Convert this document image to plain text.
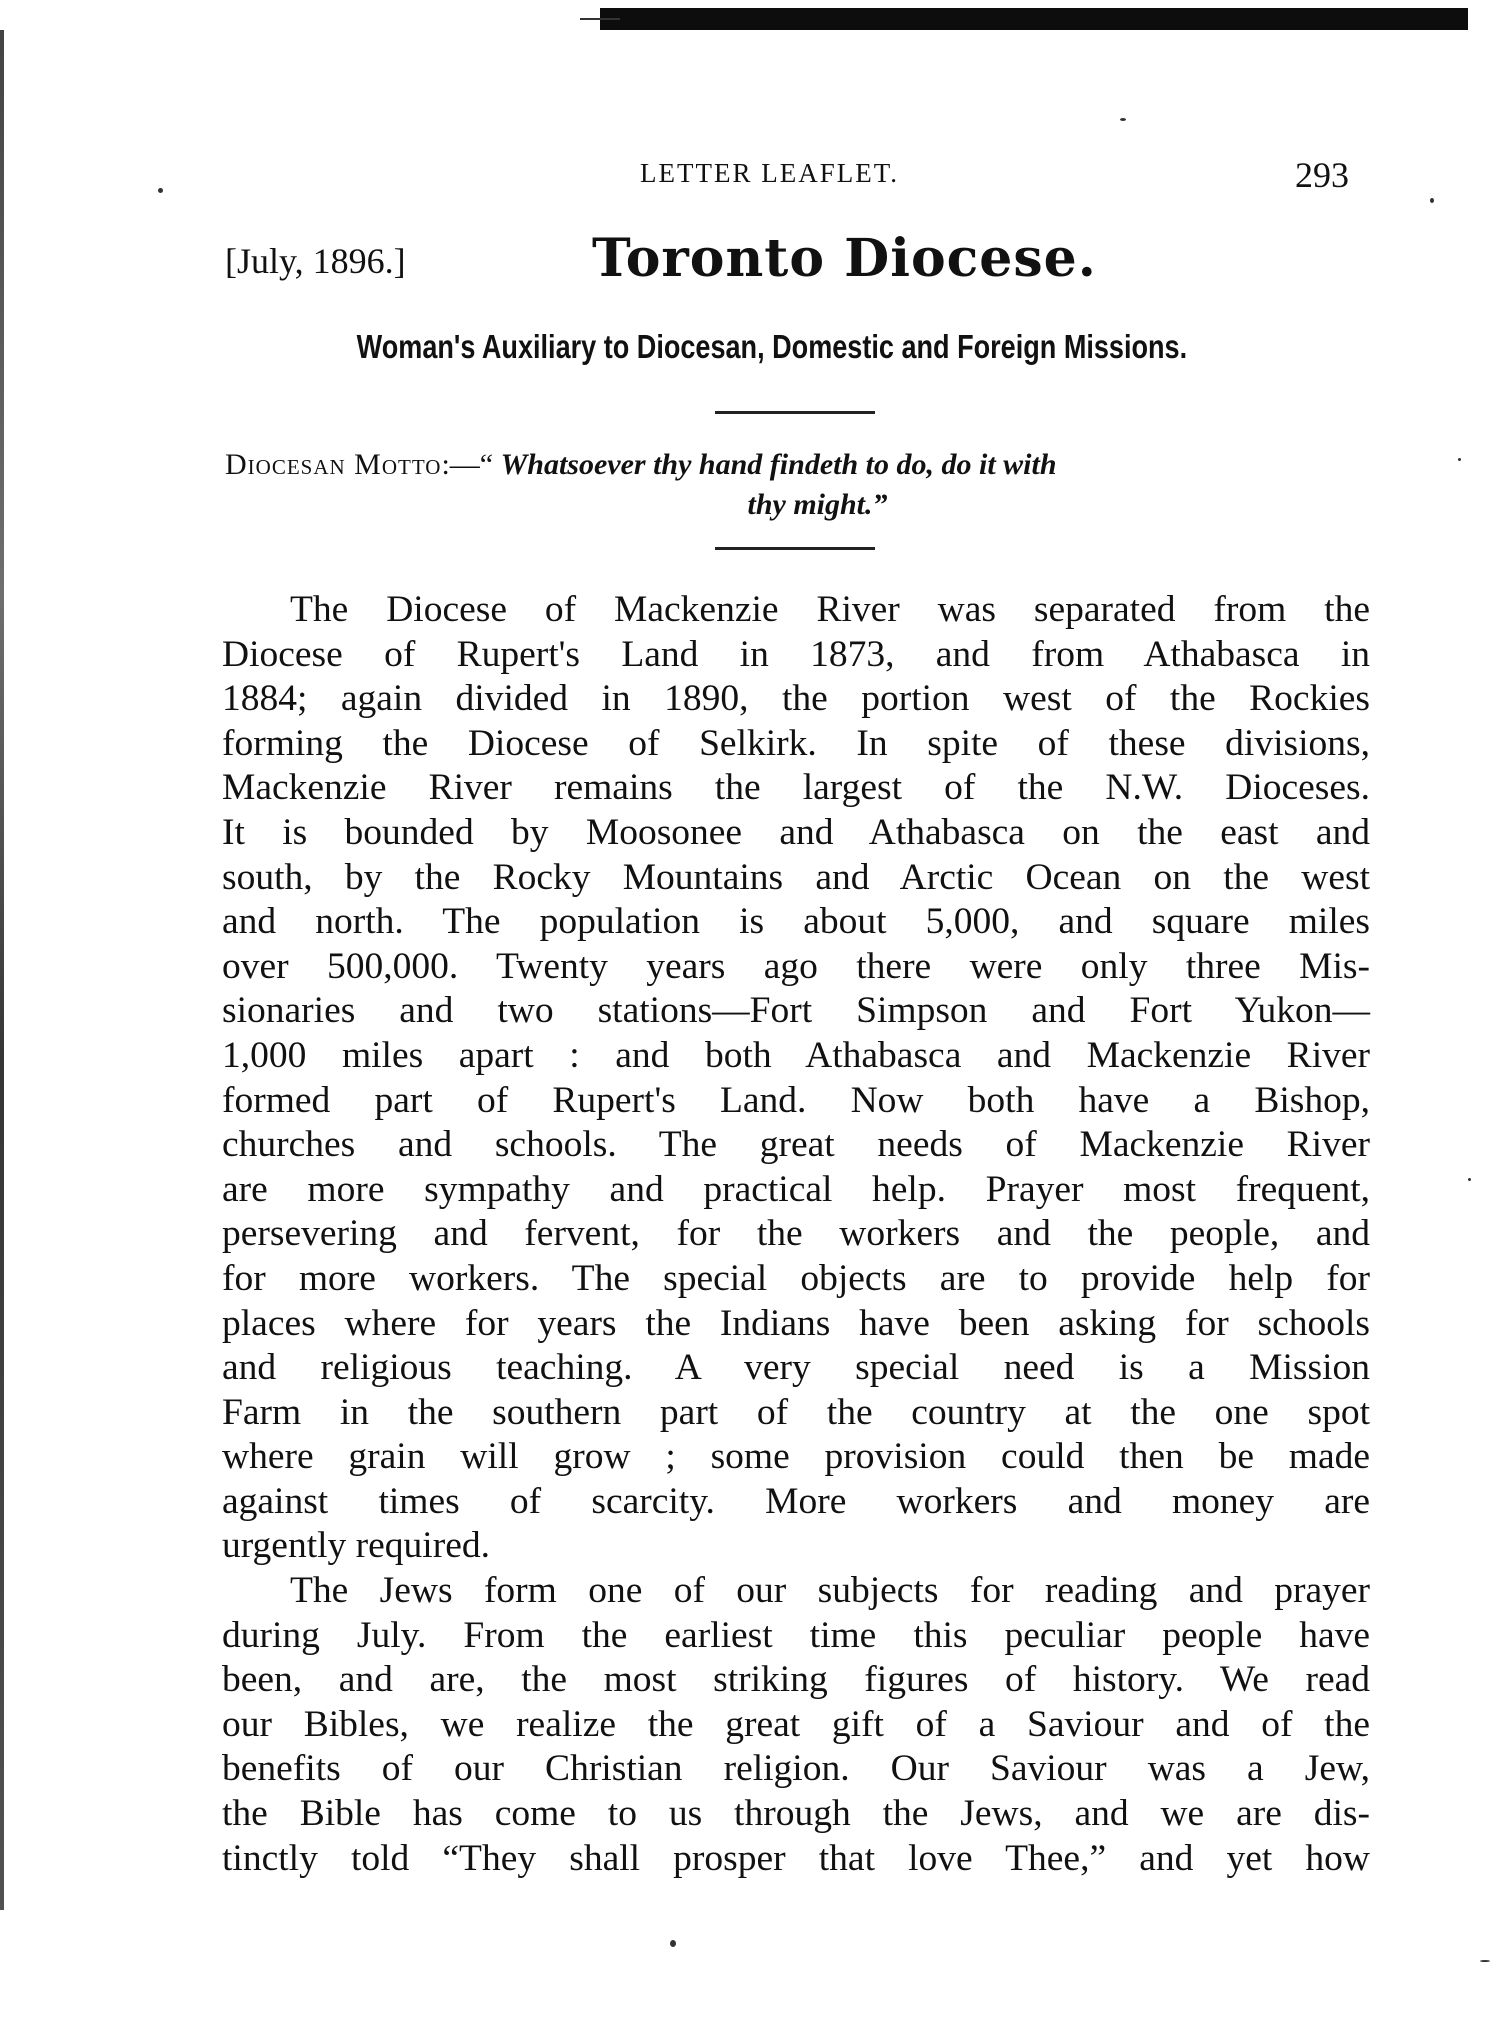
LETTER LEAFLET.	293
[July, 1896.]	Toronto Diocese.
Woman's Auxiliary to Diocesan, Domestic and Foreign Missions.
Diocesan Motto:—“ Whatsoever thy hand findeth to do, do it with
thy might.”
The Diocese of Mackenzie River was separated from the
Diocese of Rupert's Land in 1873, and from Athabasca in
1884; again divided in 1890, the portion west of the Rockies
forming the Diocese of Selkirk. In spite of these divisions,
Mackenzie River remains the largest of the N.W. Dioceses.
It is bounded by Moosonee and Athabasca on the east and
south, by the Rocky Mountains and Arctic Ocean on the west
and north. The population is about 5,000, and square miles
over 500,000. Twenty years ago there were only three Mis-
sionaries and two stations—Fort Simpson and Fort Yukon—
1,000 miles apart : and both Athabasca and Mackenzie River
formed part of Rupert's Land. Now both have a Bishop,
churches and schools. The great needs of Mackenzie River
are more sympathy and practical help. Prayer most frequent,
persevering and fervent, for the workers and the people, and
for more workers. The special objects are to provide help for
places where for years the Indians have been asking for schools
and religious teaching. A very special need is a Mission
Farm in the southern part of the country at the one spot
where grain will grow ; some provision could then be made
against times of scarcity. More workers and money are
urgently required.
The Jews form one of our subjects for reading and prayer
during July. From the earliest time this peculiar people have
been, and are, the most striking figures of history. We read
our Bibles, we realize the great gift of a Saviour and of the
benefits of our Christian religion. Our Saviour was a Jew,
the Bible has come to us through the Jews, and we are dis-
tinctly told “They shall prosper that love Thee,” and yet how
